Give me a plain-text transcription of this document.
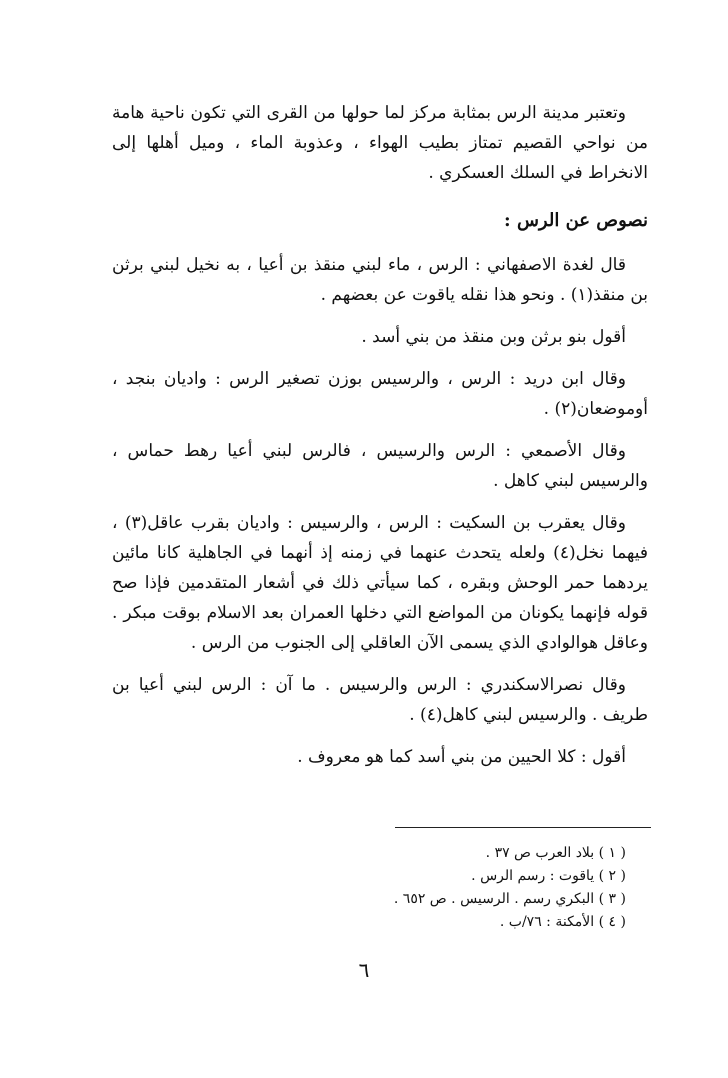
وتعتبر مدينة الرس بمثابة مركز لما حولها من القرى التي تكون ناحية هامة من نواحي القصيم تمتاز بطيب الهواء ، وعذوبة الماء ، وميل أهلها إلى الانخراط في السلك العسكري .

نصوص عن الرس :

قال لغدة الاصفهاني : الرس ، ماء لبني منقذ بن أعيا ، به نخيل لبني برثن بن منقذ(١) . ونحو هذا نقله ياقوت عن بعضهم .

أقول بنو برثن وبن منقذ من بني أسد .

وقال ابن دريد : الرس ، والرسيس بوزن تصغير الرس : واديان بنجد ، أوموضعان(٢) .

وقال الأصمعي : الرس والرسيس ، فالرس لبني أعيا رهط حماس ، والرسيس لبني كاهل .

وقال يعقرب بن السكيت : الرس ، والرسيس : واديان بقرب عاقل(٣) ، فيهما نخل(٤) ولعله يتحدث عنهما في زمنه إذ أنهما في الجاهلية كانا مائين يردهما حمر الوحش وبقره ، كما سيأتي ذلك في أشعار المتقدمين فإذا صح قوله فإنهما يكونان من المواضع التي دخلها العمران بعد الاسلام بوقت مبكر . وعاقل هوالوادي الذي يسمى الآن العاقلي إلى الجنوب من الرس .

وقال نصرالاسكندري : الرس والرسيس . ما آن : الرس لبني أعيا بن طريف . والرسيس لبني كاهل(٤) .

أقول : كلا الحيين من بني أسد كما هو معروف .

( ١ ) بلاد العرب ص ٣٧ .

( ٢ ) ياقوت : رسم الرس .

( ٣ ) البكري رسم . الرسيس . ص ٦٥٢ .

( ٤ ) الأمكنة : ٧٦/ب .

٦
